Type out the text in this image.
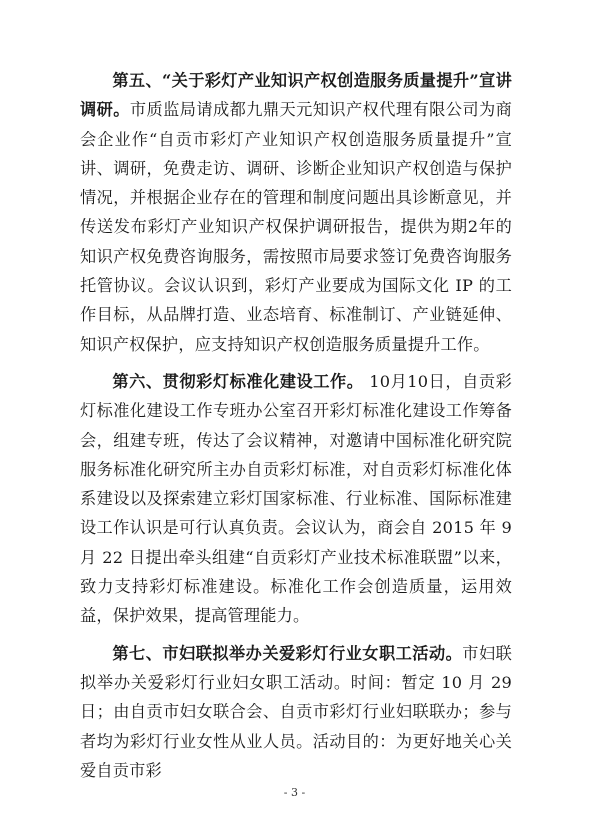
第五、“关于彩灯产业知识产权创造服务质量提升”宣讲调研。市质监局请成都九鼎天元知识产权代理有限公司为商会企业作“自贡市彩灯产业知识产权创造服务质量提升”宣讲、调研，免费走访、调研、诊断企业知识产权创造与保护情况，并根据企业存在的管理和制度问题出具诊断意见，并传送发布彩灯产业知识产权保护调研报告，提供为期2年的知识产权免费咨询服务，需按照市局要求签订免费咨询服务托管协议。会议认识到，彩灯产业要成为国际文化 IP 的工作目标，从品牌打造、业态培育、标准制订、产业链延伸、知识产权保护，应支持知识产权创造服务质量提升工作。

第六、贯彻彩灯标准化建设工作。 10月10日，自贡彩灯标准化建设工作专班办公室召开彩灯标准化建设工作筹备会，组建专班，传达了会议精神，对邀请中国标准化研究院服务标准化研究所主办自贡彩灯标准，对自贡彩灯标准化体系建设以及探索建立彩灯国家标准、行业标准、国际标准建设工作认识是可行认真负责。会议认为，商会自 2015 年 9 月 22 日提出牵头组建“自贡彩灯产业技术标准联盟”以来，致力支持彩灯标准建设。标准化工作会创造质量，运用效益，保护效果，提高管理能力。

第七、市妇联拟举办关爱彩灯行业女职工活动。市妇联拟举办关爱彩灯行业妇女职工活动。时间：暂定 10 月 29 日；由自贡市妇女联合会、自贡市彩灯行业妇联联办；参与者均为彩灯行业女性从业人员。活动目的：为更好地关心关爱自贡市彩

- 3 -
